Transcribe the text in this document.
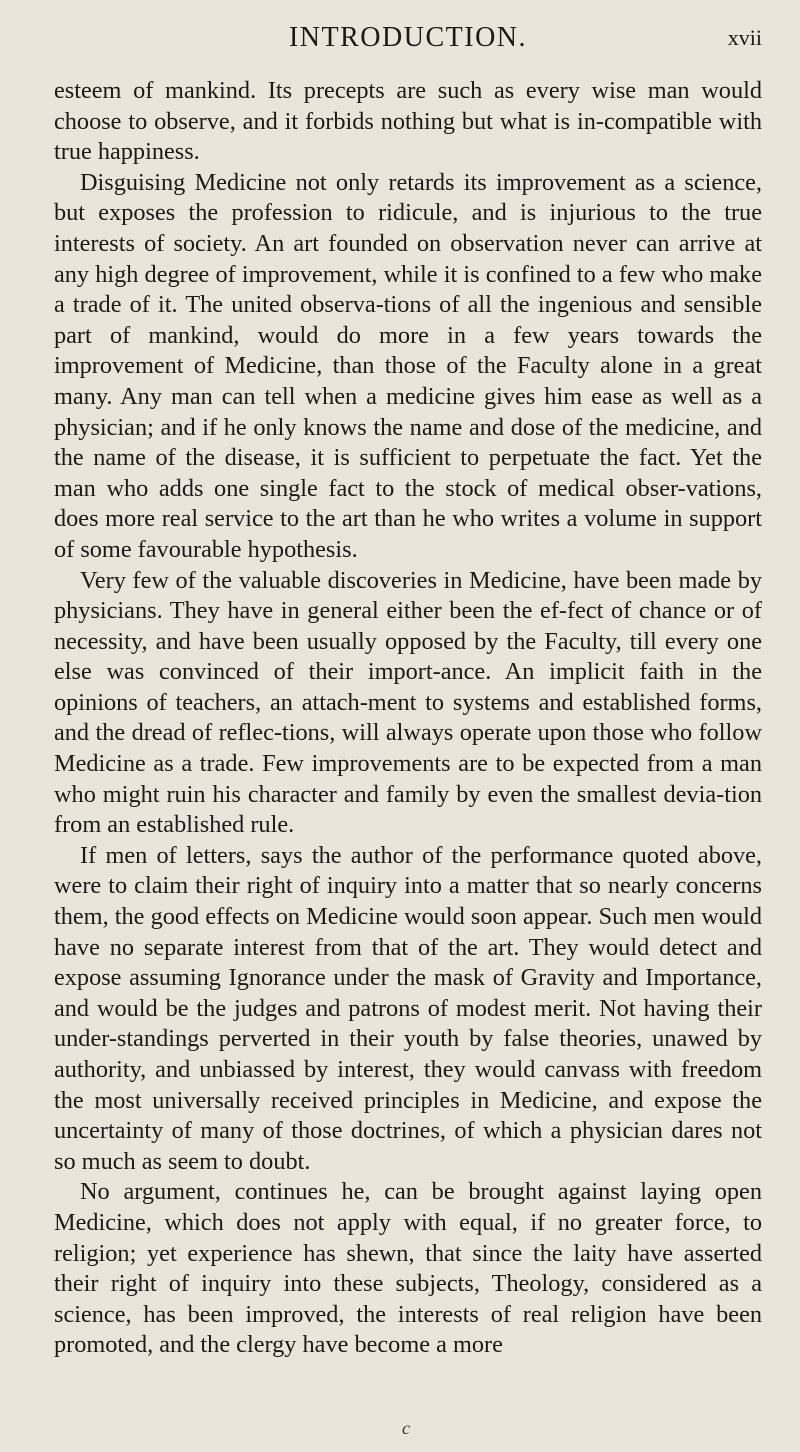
INTRODUCTION.	xvii

esteem of mankind. Its precepts are such as every wise man would choose to observe, and it forbids nothing but what is in-compatible with true happiness.

Disguising Medicine not only retards its improvement as a science, but exposes the profession to ridicule, and is injurious to the true interests of society. An art founded on observation never can arrive at any high degree of improvement, while it is confined to a few who make a trade of it. The united observa-tions of all the ingenious and sensible part of mankind, would do more in a few years towards the improvement of Medicine, than those of the Faculty alone in a great many. Any man can tell when a medicine gives him ease as well as a physician; and if he only knows the name and dose of the medicine, and the name of the disease, it is sufficient to perpetuate the fact. Yet the man who adds one single fact to the stock of medical obser-vations, does more real service to the art than he who writes a volume in support of some favourable hypothesis.

Very few of the valuable discoveries in Medicine, have been made by physicians. They have in general either been the ef-fect of chance or of necessity, and have been usually opposed by the Faculty, till every one else was convinced of their import-ance. An implicit faith in the opinions of teachers, an attach-ment to systems and established forms, and the dread of reflec-tions, will always operate upon those who follow Medicine as a trade. Few improvements are to be expected from a man who might ruin his character and family by even the smallest devia-tion from an established rule.

If men of letters, says the author of the performance quoted above, were to claim their right of inquiry into a matter that so nearly concerns them, the good effects on Medicine would soon appear. Such men would have no separate interest from that of the art. They would detect and expose assuming Ignorance under the mask of Gravity and Importance, and would be the judges and patrons of modest merit. Not having their under-standings perverted in their youth by false theories, unawed by authority, and unbiassed by interest, they would canvass with freedom the most universally received principles in Medicine, and expose the uncertainty of many of those doctrines, of which a physician dares not so much as seem to doubt.

No argument, continues he, can be brought against laying open Medicine, which does not apply with equal, if no greater force, to religion; yet experience has shewn, that since the laity have asserted their right of inquiry into these subjects, Theology, considered as a science, has been improved, the interests of real religion have been promoted, and the clergy have become a more

c
